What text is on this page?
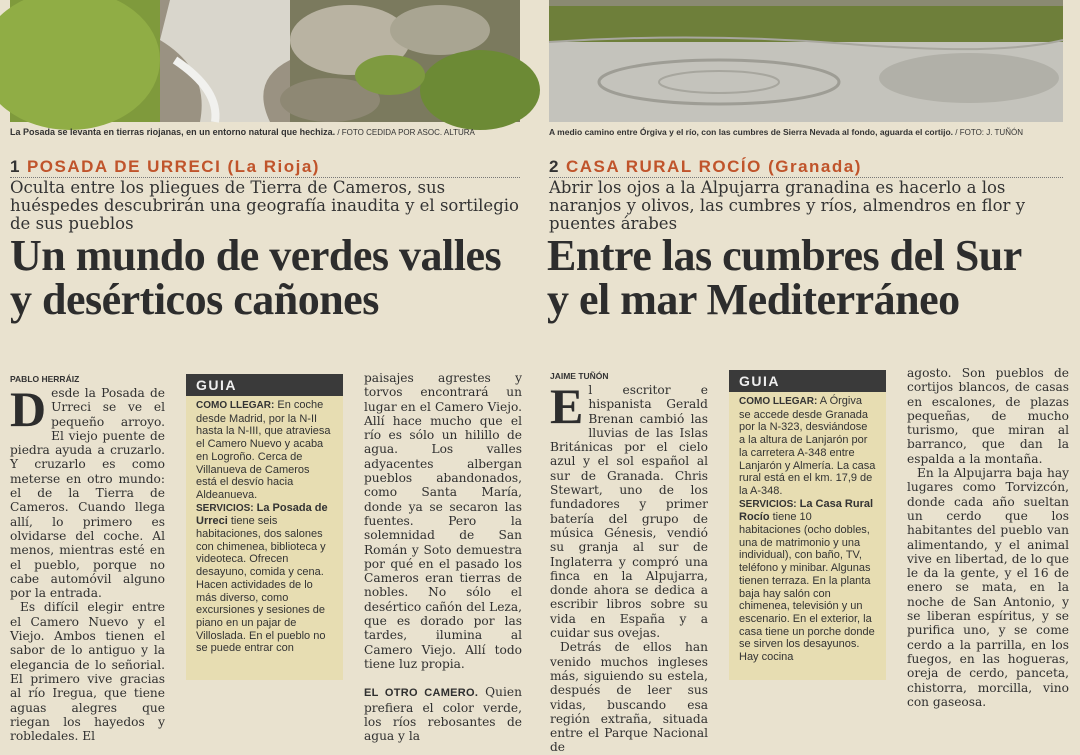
La Posada se levanta en tierras riojanas, en un entorno natural que hechiza. / FOTO CEDIDA POR ASOC. ALTURA	A medio camino entre Órgiva y el río, con las cumbres de Sierra Nevada al fondo, aguarda el cortijo. / FOTO: J. TUÑÓN
1 POSADA DE URRECI (La Rioja)	2 CASA RURAL ROCÍO (Granada)
Oculta entre los pliegues de Tierra de Cameros, sus huéspedes descubrirán una geografía inaudita y el sortilegio de sus pueblos
Abrir los ojos a la Alpujarra granadina es hacerlo a los naranjos y olivos, las cumbres y ríos, almendros en flor y puentes árabes
Un mundo de verdes valles
y desérticos cañones
Entre las cumbres del Sur
y el mar Mediterráneo
PABLO HERRÁIZ

Desde la Posada de Urreci se ve el pequeño arroyo. El viejo puente de piedra ayuda a cruzarlo. Y cruzarlo es como meterse en otro mundo: el de la Tierra de Cameros. Cuando llega allí, lo primero es olvidarse del coche. Al menos, mientras esté en el pueblo, porque no cabe automóvil alguno por la entrada.

Es difícil elegir entre el Camero Nuevo y el Viejo. Ambos tienen el sabor de lo antiguo y la elegancia de lo señorial. El primero vive gracias al río Iregua, que tiene aguas alegres que riegan los hayedos y robledales. El

GUIA
COMO LLEGAR: En coche desde Madrid, por la N-II hasta la N-III, que atraviesa el Camero Nuevo y acaba en Logroño. Cerca de Villanueva de Cameros está el desvío hacia Aldeanueva.
SERVICIOS: La Posada de Urreci tiene seis habitaciones, dos salones con chimenea, biblioteca y videoteca. Ofrecen desayuno, comida y cena. Hacen actividades de lo más diverso, como excursiones y sesiones de piano en un pajar de Villoslada. En el pueblo no se puede entrar con

paisajes agrestes y torvos encontrará un lugar en el Camero Viejo. Allí hace mucho que el río es sólo un hilillo de agua. Los valles adyacentes albergan pueblos abandonados, como Santa María, donde ya se secaron las fuentes. Pero la solemnidad de San Román y Soto demuestra por qué en el pasado los Cameros eran tierras de nobles. No sólo el desértico cañón del Leza, que es dorado por las tardes, ilumina al Camero Viejo. Allí todo tiene luz propia.

EL OTRO CAMERO. Quien prefiera el color verde, los ríos rebosantes de agua y la

JAIME TUÑÓN

El escritor e hispanista Gerald Brenan cambió las lluvias de las Islas Británicas por el cielo azul y el sol español al sur de Granada. Chris Stewart, uno de los fundadores y primer batería del grupo de música Génesis, vendió su granja al sur de Inglaterra y compró una finca en la Alpujarra, donde ahora se dedica a escribir libros sobre su vida en España y a cuidar sus ovejas.

Detrás de ellos han venido muchos ingleses más, siguiendo su estela, después de leer sus vidas, buscando esa región extraña, situada entre el Parque Nacional de

GUIA
COMO LLEGAR: A Órgiva se accede desde Granada por la N-323, desviándose a la altura de Lanjarón por la carretera A-348 entre Lanjarón y Almería. La casa rural está en el km. 17,9 de la A-348.
SERVICIOS: La Casa Rural Rocío tiene 10 habitaciones (ocho dobles, una de matrimonio y una individual), con baño, TV, teléfono y minibar. Algunas tienen terraza. En la planta baja hay salón con chimenea, televisión y un escenario. En el exterior, la casa tiene un porche donde se sirven los desayunos. Hay cocina

agosto. Son pueblos de cortijos blancos, de casas en escalones, de plazas pequeñas, de mucho turismo, que miran al barranco, que dan la espalda a la montaña.

En la Alpujarra baja hay lugares como Torvizcón, donde cada año sueltan un cerdo que los habitantes del pueblo van alimentando, y el animal vive en libertad, de lo que le da la gente, y el 16 de enero se mata, en la noche de San Antonio, y se liberan espíritus, y se purifica uno, y se come cerdo a la parrilla, en los fuegos, en las hogueras, oreja de cerdo, panceta, chistorra, morcilla, vino con gaseosa.
